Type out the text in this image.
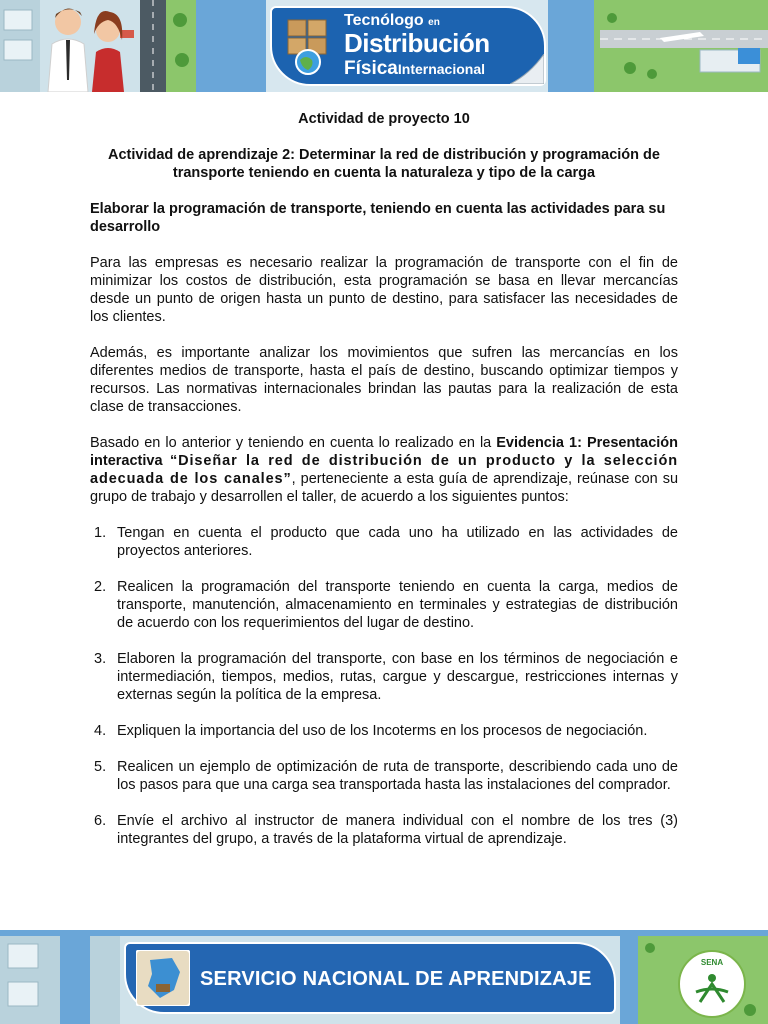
Tecnólogo en
Distribución
FísicaInternacional
Actividad de proyecto 10
Actividad de aprendizaje 2: Determinar la red de distribución y programación de transporte teniendo en cuenta la naturaleza y tipo de la carga
Elaborar la programación de transporte, teniendo en cuenta las actividades para su desarrollo

Para las empresas es necesario realizar la programación de transporte con el fin de minimizar los costos de distribución, esta programación se basa en llevar mercancías desde un punto de origen hasta un punto de destino, para satisfacer las necesidades de los clientes.

Además, es importante analizar los movimientos que sufren las mercancías en los diferentes medios de transporte, hasta el país de destino, buscando optimizar tiempos y recursos. Las normativas internacionales brindan las pautas para la realización de esta clase de transacciones.

Basado en lo anterior y teniendo en cuenta lo realizado en la Evidencia 1: Presentación interactiva “Diseñar la red de distribución de un producto y la selección adecuada de los canales”, perteneciente a esta guía de aprendizaje, reúnase con su grupo de trabajo y desarrollen el taller, de acuerdo a los siguientes puntos:

1. Tengan en cuenta el producto que cada uno ha utilizado en las actividades de proyectos anteriores.
2. Realicen la programación del transporte teniendo en cuenta la carga, medios de transporte, manutención, almacenamiento en terminales y estrategias de distribución de acuerdo con los requerimientos del lugar de destino.
3. Elaboren la programación del transporte, con base en los términos de negociación e intermediación, tiempos, medios, rutas, cargue y descargue, restricciones internas y externas según la política de la empresa.
4. Expliquen la importancia del uso de los Incoterms en los procesos de negociación.
5. Realicen un ejemplo de optimización de ruta de transporte, describiendo cada uno de los pasos para que una carga sea transportada hasta las instalaciones del comprador.
6. Envíe el archivo al instructor de manera individual con el nombre de los tres (3) integrantes del grupo, a través de la plataforma virtual de aprendizaje.
SERVICIO NACIONAL DE APRENDIZAJE
SENA
